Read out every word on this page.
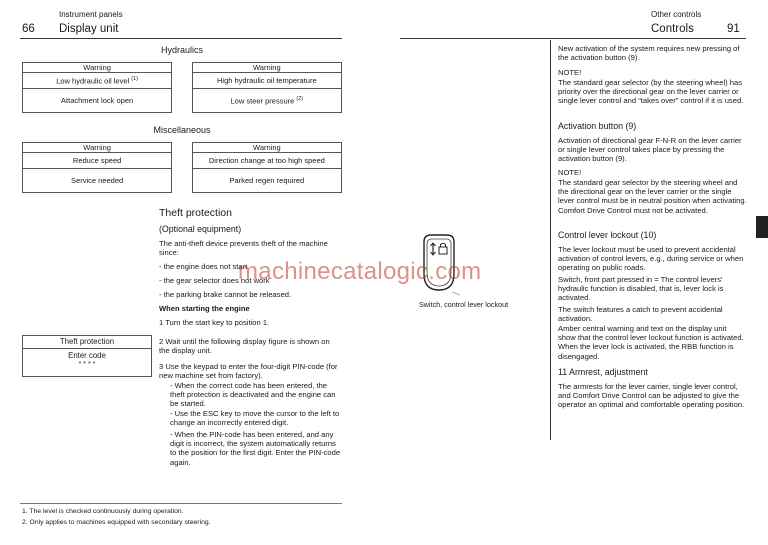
Instrument panels
66 Display unit
Other controls
Controls	91
Hydraulics
Warning		Warning
Low hydraulic oil level $^{(1)}$		High hydraulic oil temperature
Attachment lock open		Low steer pressure $^{(2)}$
Miscellaneous
Warning		Warning
Reduce speed		Direction change at too high speed
Service needed		Parked regen required
Theft protection
(Optional equipment)
The anti-theft device prevents theft of the machine since:
- the engine does not start
- the gear selector does not work
- the parking brake cannot be released.
When starting the engine
1 Turn the start key to position 1.
2 Wait until the following display figure is shown on the display unit.
3 Use the keypad to enter the four-digit PIN-code (for new machine set from factory).
- When the correct code has been entered, the theft protection is deactivated and the engine can be started.
- Use the ESC key to move the cursor to the left to change an incorrectly entered digit.
- When the PIN-code has been entered, and any digit is incorrect, the system automatically returns to the position for the first digit. Enter the PIN-code again.
Theft protection
Enter code
* * * *
1. The level is checked continuously during operation.
2. Only applies to machines equipped with secondary steering.
Switch, control lever lockout
machinecatalogic.com
New activation of the system requires new pressing of the activation button (9).
NOTE!
The standard gear selector (by the steering wheel) has priority over the directional gear on the lever carrier or single lever control and “takes over” control if it is used.
Activation button (9)
Activation of directional gear F-N-R on the lever carrier or single lever control takes place by pressing the activation button (9).
NOTE!
The standard gear selector by the steering wheel and the directional gear on the lever carrier or the single lever control must be in neutral position when activating. Comfort Drive Control must not be activated.
Control lever lockout (10)
The lever lockout must be used to prevent accidental activation of control levers, e.g., during service or when operating on public roads.
Switch, front part pressed in = The control levers' hydraulic function is disabled, that is, lever lock is activated.
The switch features a catch to prevent accidental activation.
Amber central warning and text on the display unit show that the control lever lockout function is activated. When the lever lock is activated, the RBB function is disengaged.
11 Armrest, adjustment
The armrests for the lever carrier, single lever control, and Comfort Drive Control can be adjusted to give the operator an optimal and comfortable operating position.
